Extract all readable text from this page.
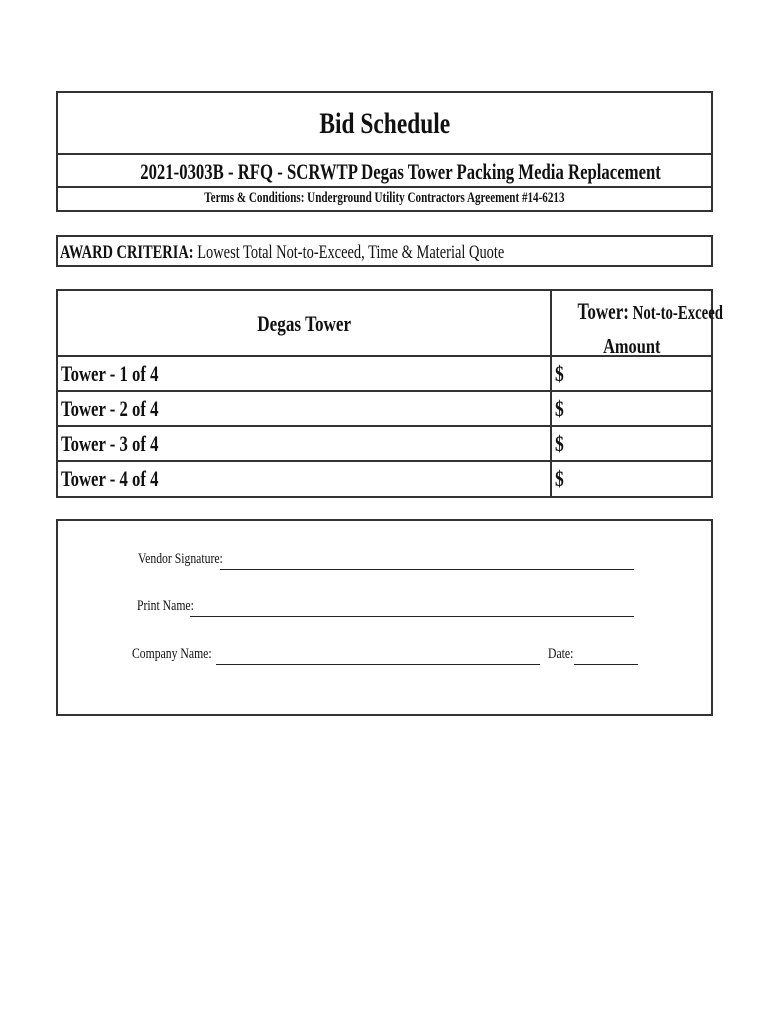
Bid Schedule
2021-0303B - RFQ - SCRWTP Degas Tower Packing Media Replacement
Terms & Conditions: Underground Utility Contractors Agreement #14-6213
AWARD CRITERIA: Lowest Total Not-to-Exceed, Time & Material Quote
Degas Tower	Tower: Not-to-Exceed
Amount
Tower - 1 of 4	$
Tower - 2 of 4	$
Tower - 3 of 4	$
Tower - 4 of 4	$
Vendor Signature:
Print Name:
Company Name:	Date:
